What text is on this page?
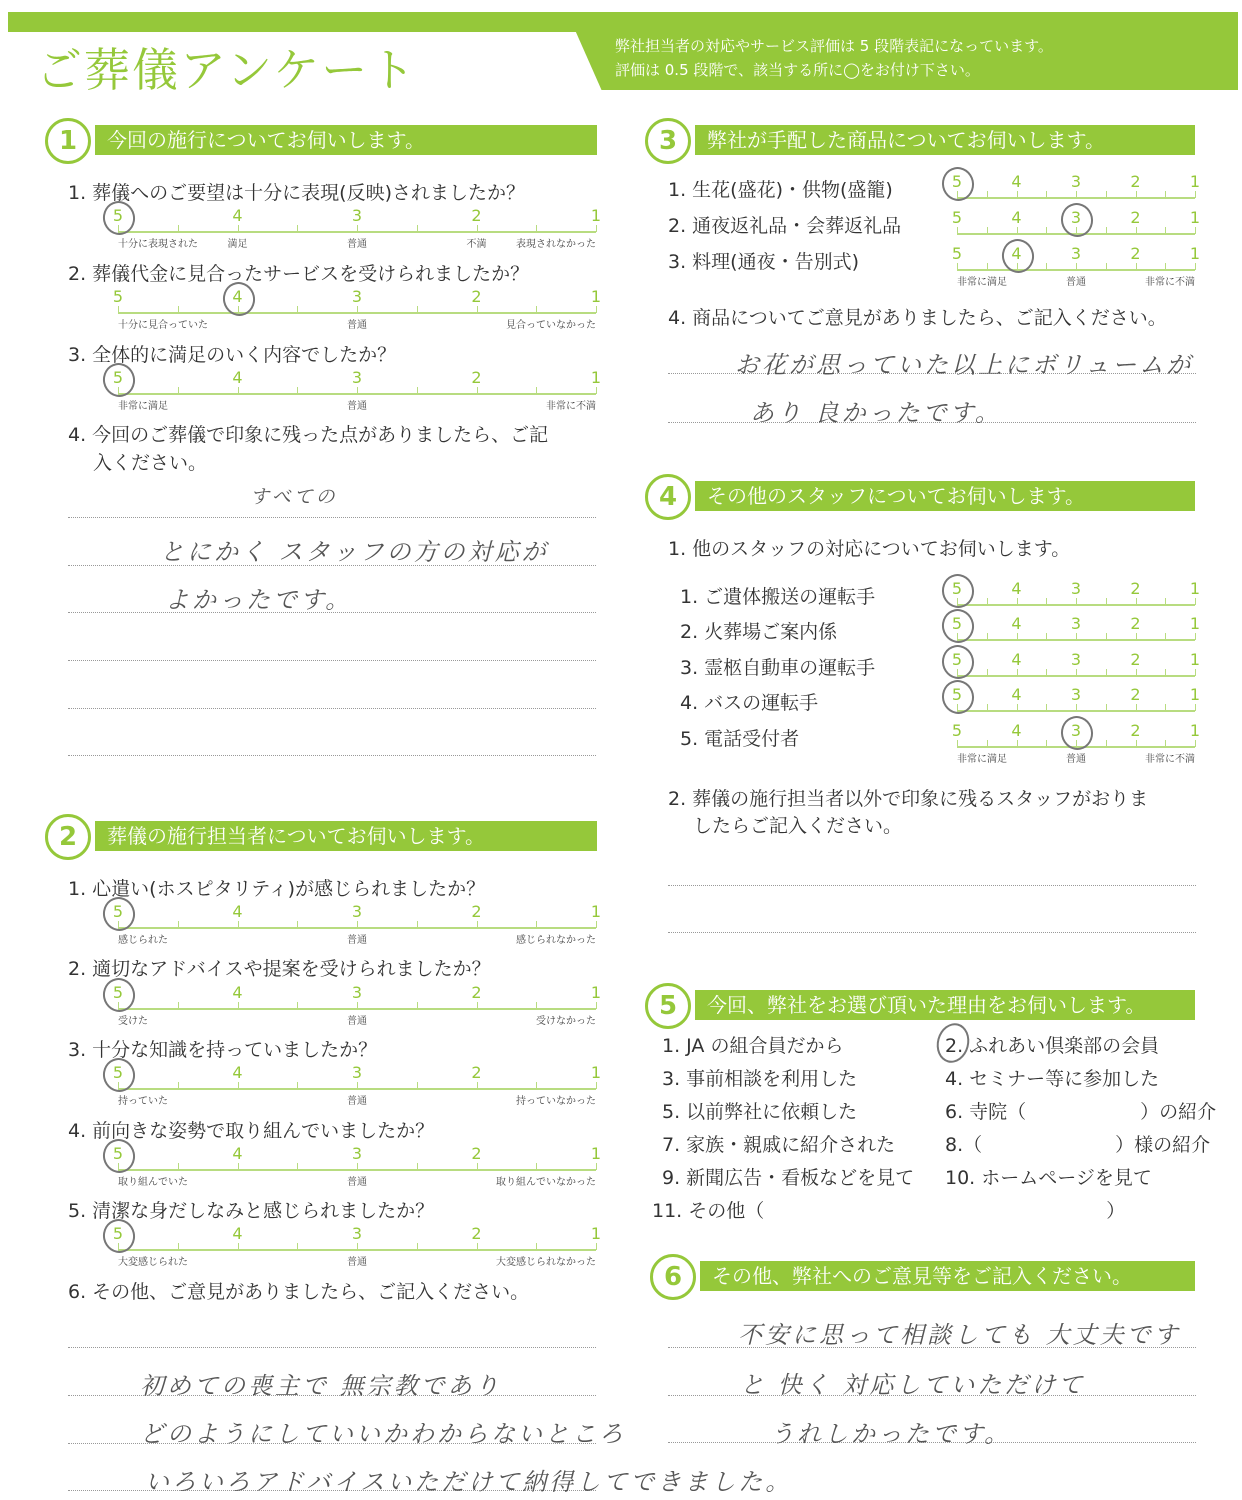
ご葬儀アンケート	弊社担当者の対応やサービス評価は 5 段階表記になっています。
評価は 0.5 段階で、該当する所に◯をお付け下さい。
1	今回の施行についてお伺いします。
1. 葬儀へのご要望は十分に表現(反映)されましたか？
5	4	3	2	1
十分に表現された	満足	普通	不満	表現されなかった
2. 葬儀代金に見合ったサービスを受けられましたか？
5	4	3	2	1
十分に見合っていた	普通	見合っていなかった
3. 全体的に満足のいく内容でしたか？
5	4	3	2	1
非常に満足	普通	非常に不満
4. 今回のご葬儀で印象に残った点がありましたら、ご記
入ください。
すべての
とにかく スタッフの方の対応が
よかったです。
2	葬儀の施行担当者についてお伺いします。
1. 心遣い(ホスピタリティ)が感じられましたか？
5	4	3	2	1
感じられた	普通	感じられなかった
2. 適切なアドバイスや提案を受けられましたか？
5	4	3	2	1
受けた	普通	受けなかった
3. 十分な知識を持っていましたか？
5	4	3	2	1
持っていた	普通	持っていなかった
4. 前向きな姿勢で取り組んでいましたか？
5	4	3	2	1
取り組んでいた	普通	取り組んでいなかった
5. 清潔な身だしなみと感じられましたか？
5	4	3	2	1
大変感じられた	普通	大変感じられなかった
6. その他、ご意見がありましたら、ご記入ください。
初めての喪主で 無宗教であり
どのようにしていいかわからないところ
いろいろアドバイスいただけて納得してできました。
3	弊社が手配した商品についてお伺いします。
1. 生花(盛花)・供物(盛籠)	5	4	3	2	1
2. 通夜返礼品・会葬返礼品	5	4	3	2	1
3. 料理(通夜・告別式)	5	4	3	2	1
非常に満足	普通	非常に不満
4. 商品についてご意見がありましたら、ご記入ください。
お花が思っていた以上にボリュームが
あり 良かったです。
4	その他のスタッフについてお伺いします。
1. 他のスタッフの対応についてお伺いします。
1. ご遺体搬送の運転手	5	4	3	2	1
2. 火葬場ご案内係	5	4	3	2	1
3. 霊柩自動車の運転手	5	4	3	2	1
4. バスの運転手	5	4	3	2	1
5. 電話受付者	5	4	3	2	1
非常に満足	普通	非常に不満
2. 葬儀の施行担当者以外で印象に残るスタッフがおりま
したらご記入ください。
5	今回、弊社をお選び頂いた理由をお伺いします。
1. JA の組合員だから	2. ふれあい倶楽部の会員
3. 事前相談を利用した	4. セミナー等に参加した
5. 以前弊社に依頼した	6. 寺院（　　　　　　）の紹介
7. 家族・親戚に紹介された	8.（　　　　　　　）様の紹介
9. 新聞広告・看板などを見て 10. ホームページを見て
11. その他（　　　　　　　　　　　　　　　　　　）
6	その他、弊社へのご意見等をご記入ください。
不安に思って相談しても 大丈夫です
と 快く 対応していただけて
うれしかったです。
